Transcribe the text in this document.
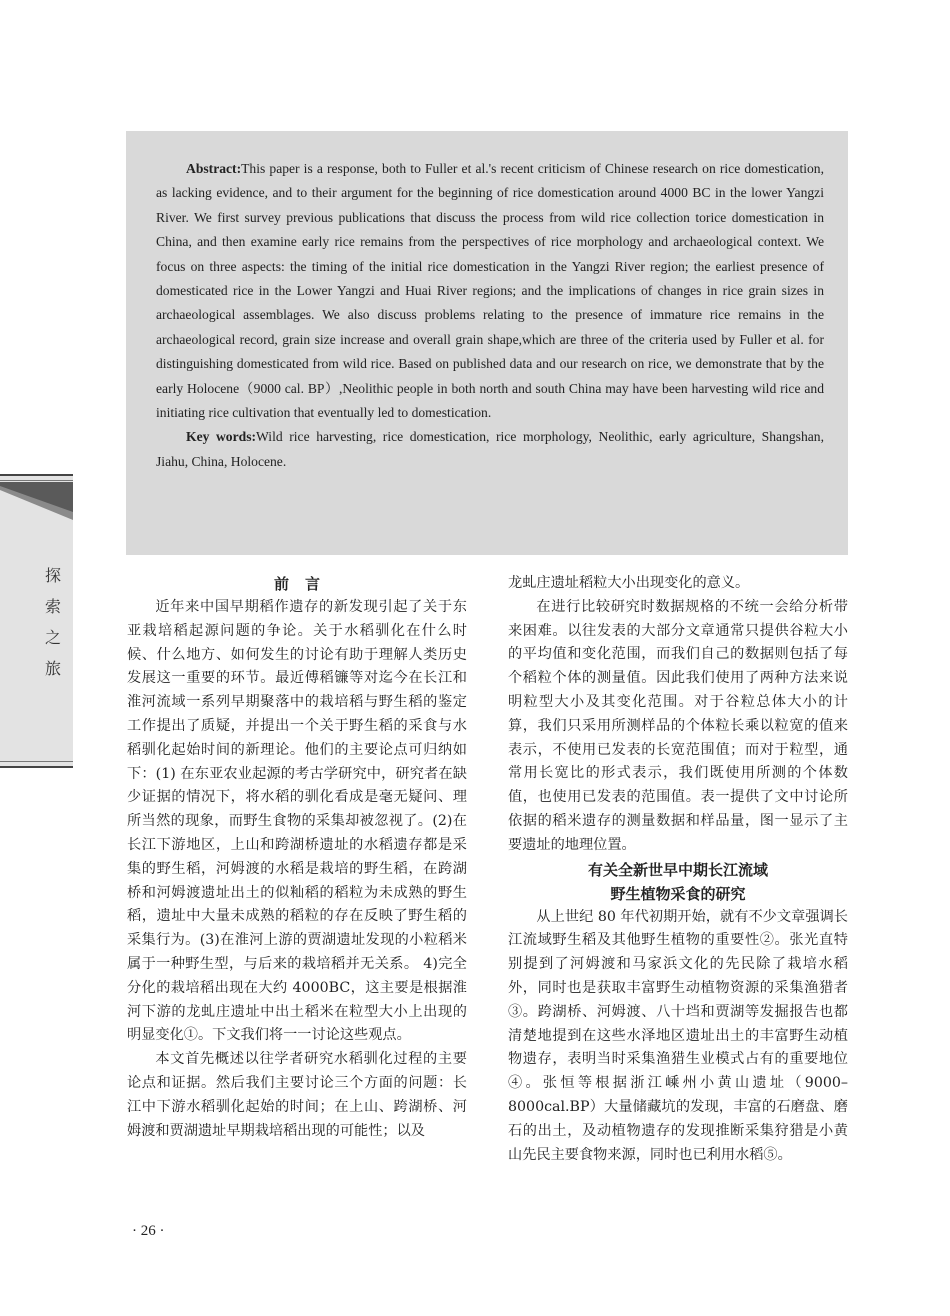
Abstract:This paper is a response, both to Fuller et al.'s recent criticism of Chinese research on rice domestication, as lacking evidence, and to their argument for the beginning of rice domestication around 4000 BC in the lower Yangzi River. We first survey previous publications that discuss the process from wild rice collection torice domestication in China, and then examine early rice remains from the perspectives of rice morphology and archaeological context. We focus on three aspects: the timing of the initial rice domestication in the Yangzi River region; the earliest presence of domesticated rice in the Lower Yangzi and Huai River regions; and the implications of changes in rice grain sizes in archaeological assemblages. We also discuss problems relating to the presence of immature rice remains in the archaeological record, grain size increase and overall grain shape,which are three of the criteria used by Fuller et al. for distinguishing domesticated from wild rice. Based on published data and our research on rice, we demonstrate that by the early Holocene（9000 cal. BP）,Neolithic people in both north and south China may have been harvesting wild rice and initiating rice cultivation that eventually led to domestication.

Key words:Wild rice harvesting, rice domestication, rice morphology, Neolithic, early agriculture, Shangshan, Jiahu, China, Holocene.

探
索
之
旅
前言

近年来中国早期稻作遗存的新发现引起了关于东亚栽培稻起源问题的争论。关于水稻驯化在什么时候、什么地方、如何发生的讨论有助于理解人类历史发展这一重要的环节。最近傅稻镰等对迄今在长江和淮河流域一系列早期聚落中的栽培稻与野生稻的鉴定工作提出了质疑，并提出一个关于野生稻的采食与水稻驯化起始时间的新理论。他们的主要论点可归纳如下：(1) 在东亚农业起源的考古学研究中，研究者在缺少证据的情况下，将水稻的驯化看成是毫无疑问、理所当然的现象，而野生食物的采集却被忽视了。(2)在长江下游地区，上山和跨湖桥遗址的水稻遗存都是采集的野生稻，河姆渡的水稻是栽培的野生稻，在跨湖桥和河姆渡遗址出土的似籼稻的稻粒为未成熟的野生稻，遗址中大量未成熟的稻粒的存在反映了野生稻的采集行为。(3)在淮河上游的贾湖遗址发现的小粒稻米属于一种野生型，与后来的栽培稻并无关系。 4)完全分化的栽培稻出现在大约 4000BC，这主要是根据淮河下游的龙虬庄遗址中出土稻米在粒型大小上出现的明显变化①。下文我们将一一讨论这些观点。

本文首先概述以往学者研究水稻驯化过程的主要论点和证据。然后我们主要讨论三个方面的问题：长江中下游水稻驯化起始的时间；在上山、跨湖桥、河姆渡和贾湖遗址早期栽培稻出现的可能性；以及

龙虬庄遗址稻粒大小出现变化的意义。

在进行比较研究时数据规格的不统一会给分析带来困难。以往发表的大部分文章通常只提供谷粒大小的平均值和变化范围，而我们自己的数据则包括了每个稻粒个体的测量值。因此我们使用了两种方法来说明粒型大小及其变化范围。对于谷粒总体大小的计算，我们只采用所测样品的个体粒长乘以粒宽的值来表示，不使用已发表的长宽范围值；而对于粒型，通常用长宽比的形式表示，我们既使用所测的个体数值，也使用已发表的范围值。表一提供了文中讨论所依据的稻米遗存的测量数据和样品量，图一显示了主要遗址的地理位置。

有关全新世早中期长江流域
野生植物采食的研究

从上世纪 80 年代初期开始，就有不少文章强调长江流域野生稻及其他野生植物的重要性②。张光直特别提到了河姆渡和马家浜文化的先民除了栽培水稻外，同时也是获取丰富野生动植物资源的采集渔猎者③。跨湖桥、河姆渡、八十垱和贾湖等发掘报告也都清楚地提到在这些水泽地区遗址出土的丰富野生动植物遗存，表明当时采集渔猎生业模式占有的重要地位④。张恒等根据浙江嵊州小黄山遗址（9000–8000cal.BP）大量储藏坑的发现，丰富的石磨盘、磨石的出土，及动植物遗存的发现推断采集狩猎是小黄山先民主要食物来源，同时也已利用水稻⑤。

· 26 ·
